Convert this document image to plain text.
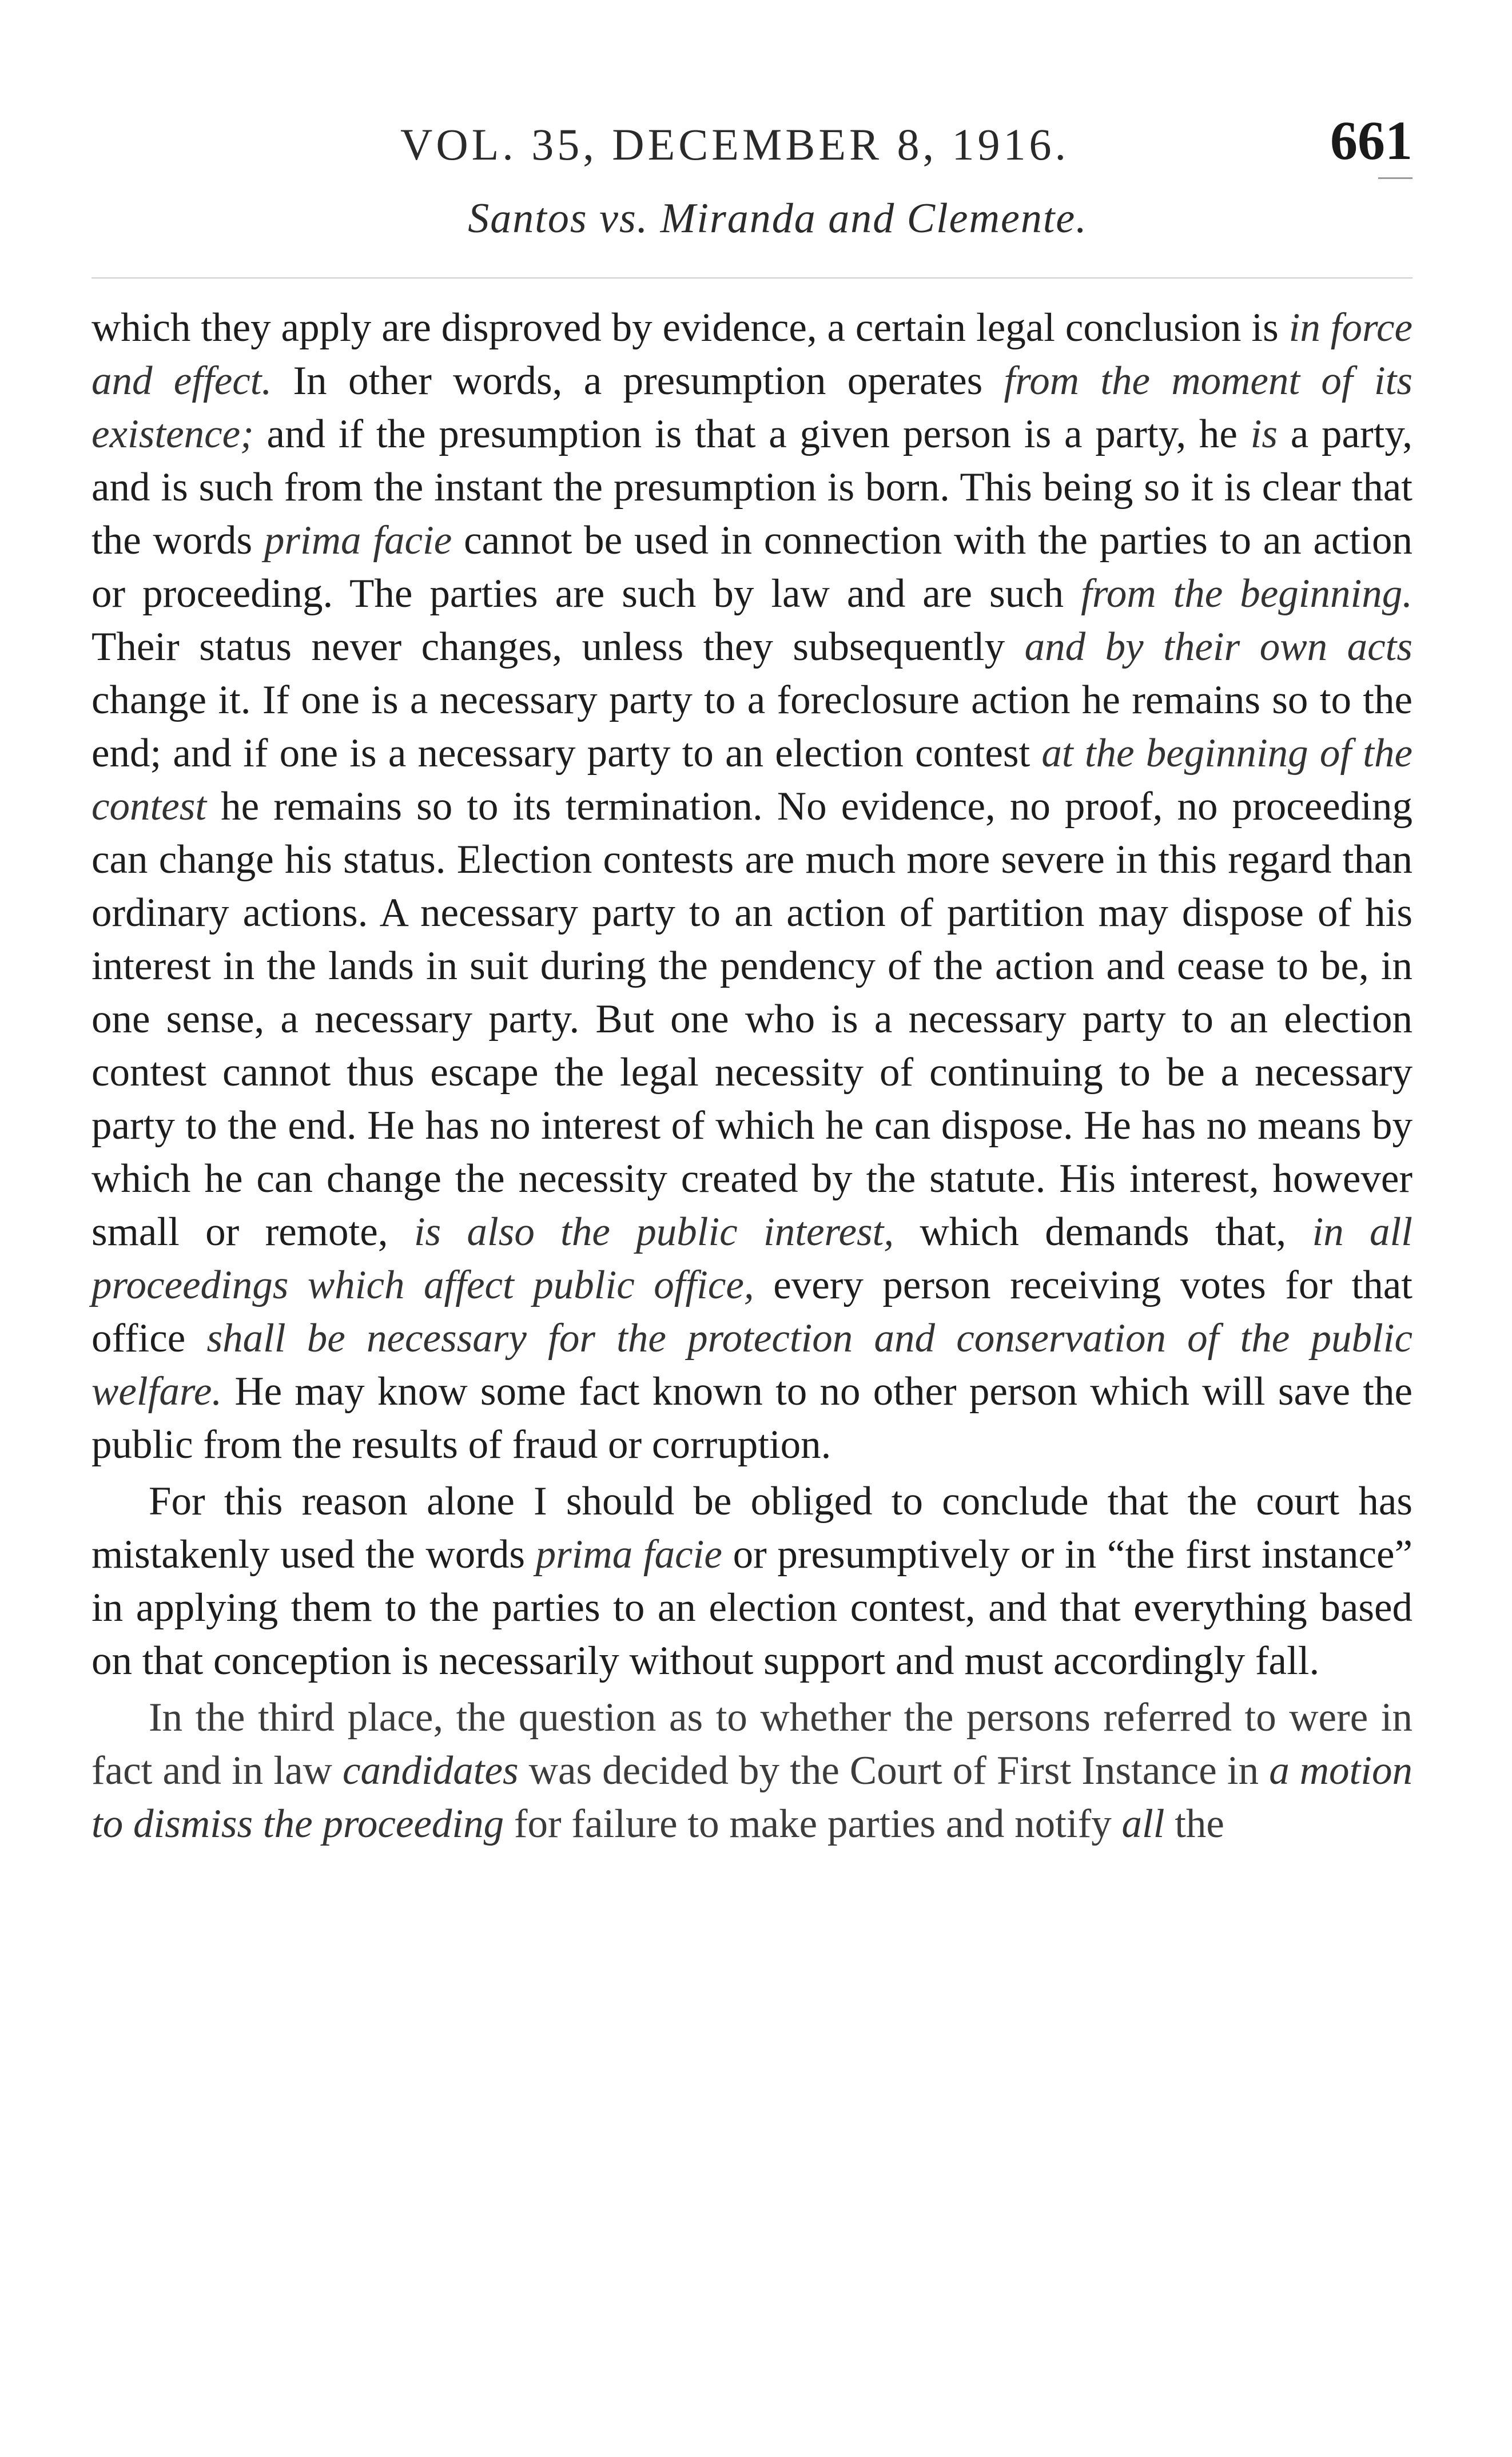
VOL. 35, DECEMBER 8, 1916.	661
Santos vs. Miranda and Clemente.

which they apply are disproved by evidence, a certain legal conclusion is in force and effect. In other words, a presumption operates from the moment of its existence; and if the presumption is that a given person is a party, he is a party, and is such from the instant the presumption is born. This being so it is clear that the words prima facie cannot be used in connection with the parties to an action or proceeding. The parties are such by law and are such from the beginning. Their status never changes, unless they subsequently and by their own acts change it. If one is a necessary party to a foreclosure action he remains so to the end; and if one is a necessary party to an election contest at the beginning of the contest he remains so to its termination. No evidence, no proof, no proceeding can change his status. Election contests are much more severe in this regard than ordinary actions. A necessary party to an action of partition may dispose of his interest in the lands in suit during the pendency of the action and cease to be, in one sense, a necessary party. But one who is a necessary party to an election contest cannot thus escape the legal necessity of continuing to be a necessary party to the end. He has no interest of which he can dispose. He has no means by which he can change the necessity created by the statute. His interest, however small or remote, is also the public interest, which demands that, in all proceedings which affect public office, every person receiving votes for that office shall be necessary for the protection and conservation of the public welfare. He may know some fact known to no other person which will save the public from the results of fraud or corruption.

For this reason alone I should be obliged to conclude that the court has mistakenly used the words prima facie or presumptively or in “the first instance” in applying them to the parties to an election contest, and that everything based on that conception is necessarily without support and must accordingly fall.

In the third place, the question as to whether the persons referred to were in fact and in law candidates was decided by the Court of First Instance in a motion to dismiss the proceeding for failure to make parties and notify all the
